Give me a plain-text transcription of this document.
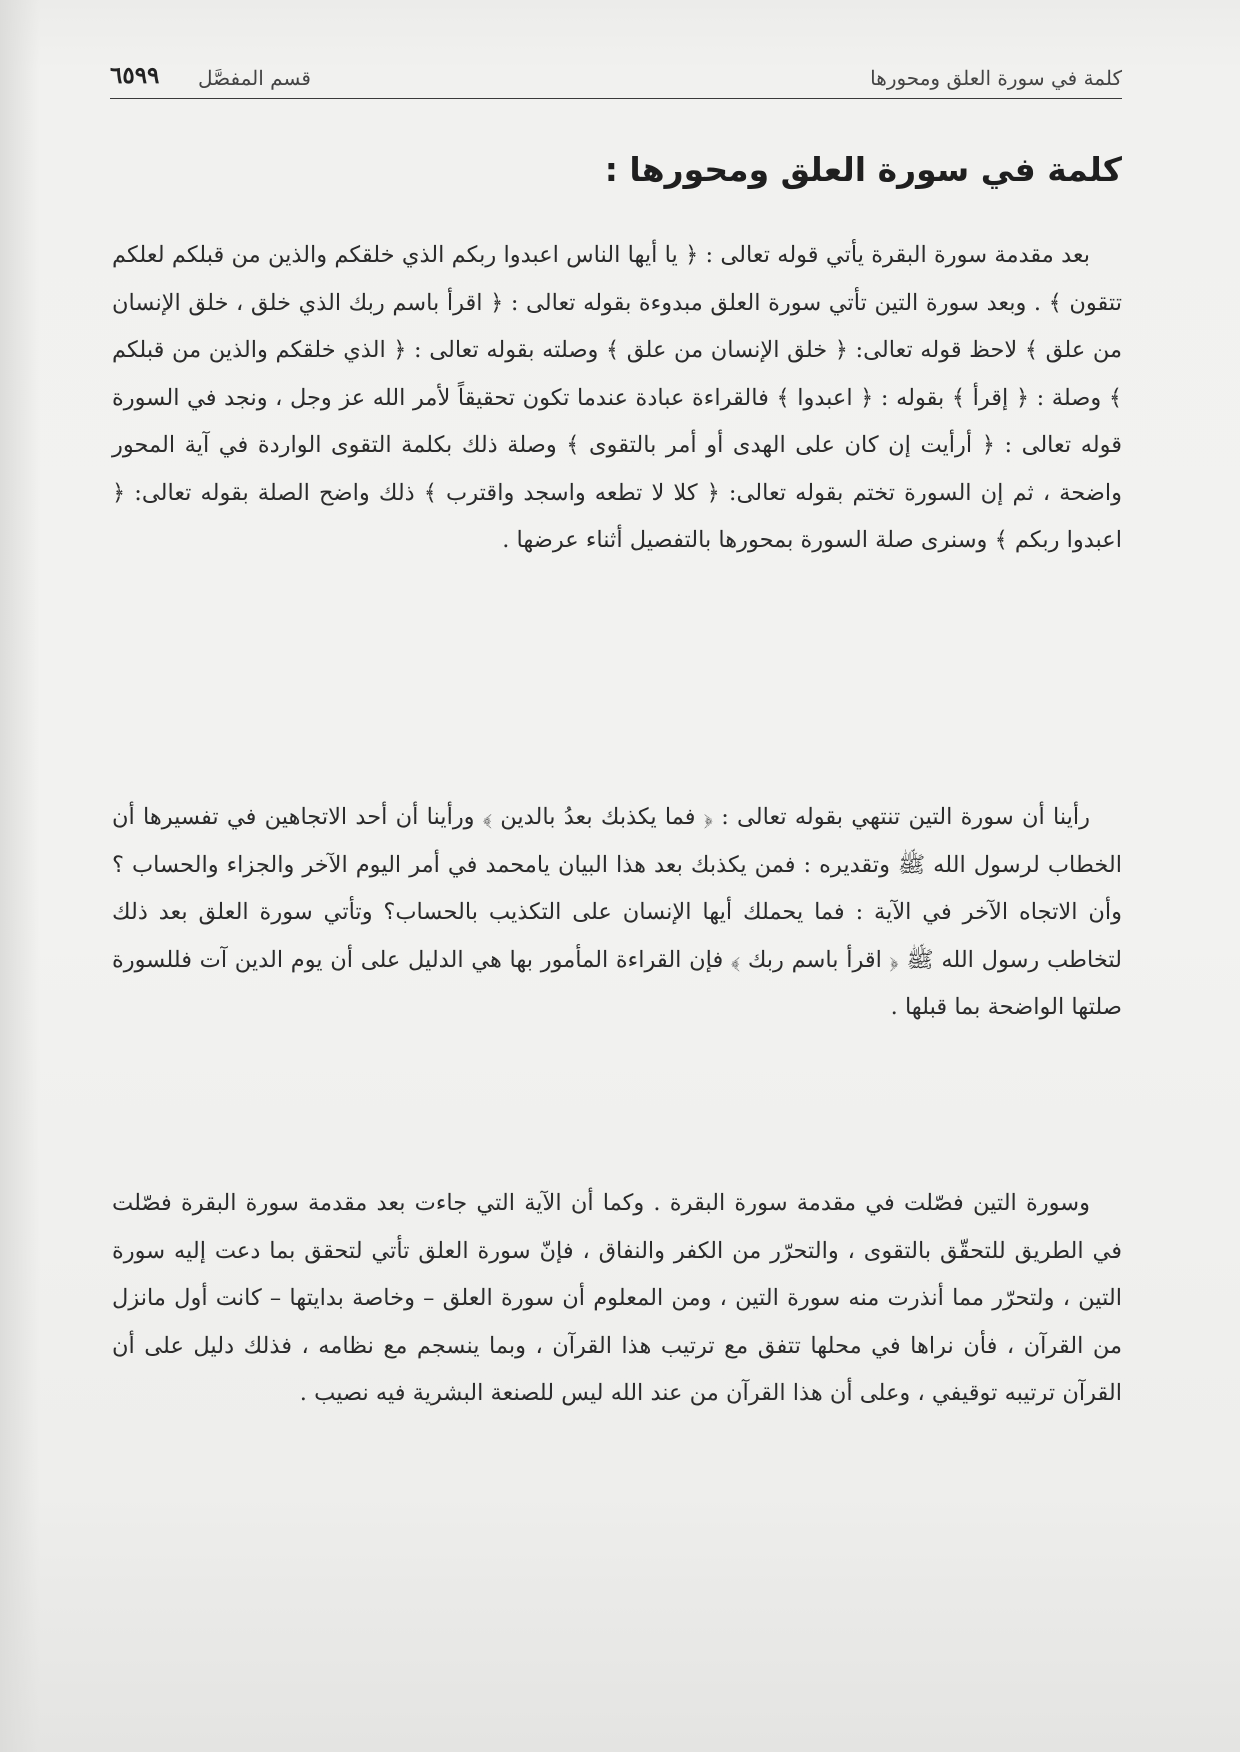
كلمة في سورة العلق ومحورها
قسم المفصَّل
٦٥٩٩
كلمة في سورة العلق ومحورها :

بعد مقدمة سورة البقرة يأتي قوله تعالى : ﴿ يا أيها الناس اعبدوا ربكم الذي خلقكم والذين من قبلكم لعلكم تتقون ﴾ . وبعد سورة التين تأتي سورة العلق مبدوءة بقوله تعالى : ﴿ اقرأ باسم ربك الذي خلق ، خلق الإنسان من علق ﴾ لاحظ قوله تعالى: ﴿ خلق الإنسان من علق ﴾ وصلته بقوله تعالى : ﴿ الذي خلقكم والذين من قبلكم ﴾ وصلة : ﴿ إقرأ ﴾ بقوله : ﴿ اعبدوا ﴾ فالقراءة عبادة عندما تكون تحقيقاً لأمر الله عز وجل ، ونجد في السورة قوله تعالى : ﴿ أرأيت إن كان على الهدى أو أمر بالتقوى ﴾ وصلة ذلك بكلمة التقوى الواردة في آية المحور واضحة ، ثم إن السورة تختم بقوله تعالى: ﴿ كلا لا تطعه واسجد واقترب ﴾ ذلك واضح الصلة بقوله تعالى: ﴿ اعبدوا ربكم ﴾ وسنرى صلة السورة بمحورها بالتفصيل أثناء عرضها .

رأينا أن سورة التين تنتهي بقوله تعالى : ﴿ فما يكذبك بعدُ بالدين ﴾ ورأينا أن أحد الاتجاهين في تفسيرها أن الخطاب لرسول الله ﷺ وتقديره : فمن يكذبك بعد هذا البيان يامحمد في أمر اليوم الآخر والجزاء والحساب ؟ وأن الاتجاه الآخر في الآية : فما يحملك أيها الإنسان على التكذيب بالحساب؟ وتأتي سورة العلق بعد ذلك لتخاطب رسول الله ﷺ ﴿ اقرأ باسم ربك ﴾ فإن القراءة المأمور بها هي الدليل على أن يوم الدين آت فللسورة صلتها الواضحة بما قبلها .

وسورة التين فصّلت في مقدمة سورة البقرة . وكما أن الآية التي جاءت بعد مقدمة سورة البقرة فصّلت في الطريق للتحقّق بالتقوى ، والتحرّر من الكفر والنفاق ، فإنّ سورة العلق تأتي لتحقق بما دعت إليه سورة التين ، ولتحرّر مما أنذرت منه سورة التين ، ومن المعلوم أن سورة العلق – وخاصة بدايتها – كانت أول مانزل من القرآن ، فأن نراها في محلها تتفق مع ترتيب هذا القرآن ، وبما ينسجم مع نظامه ، فذلك دليل على أن القرآن ترتيبه توقيفي ، وعلى أن هذا القرآن من عند الله ليس للصنعة البشرية فيه نصيب .
